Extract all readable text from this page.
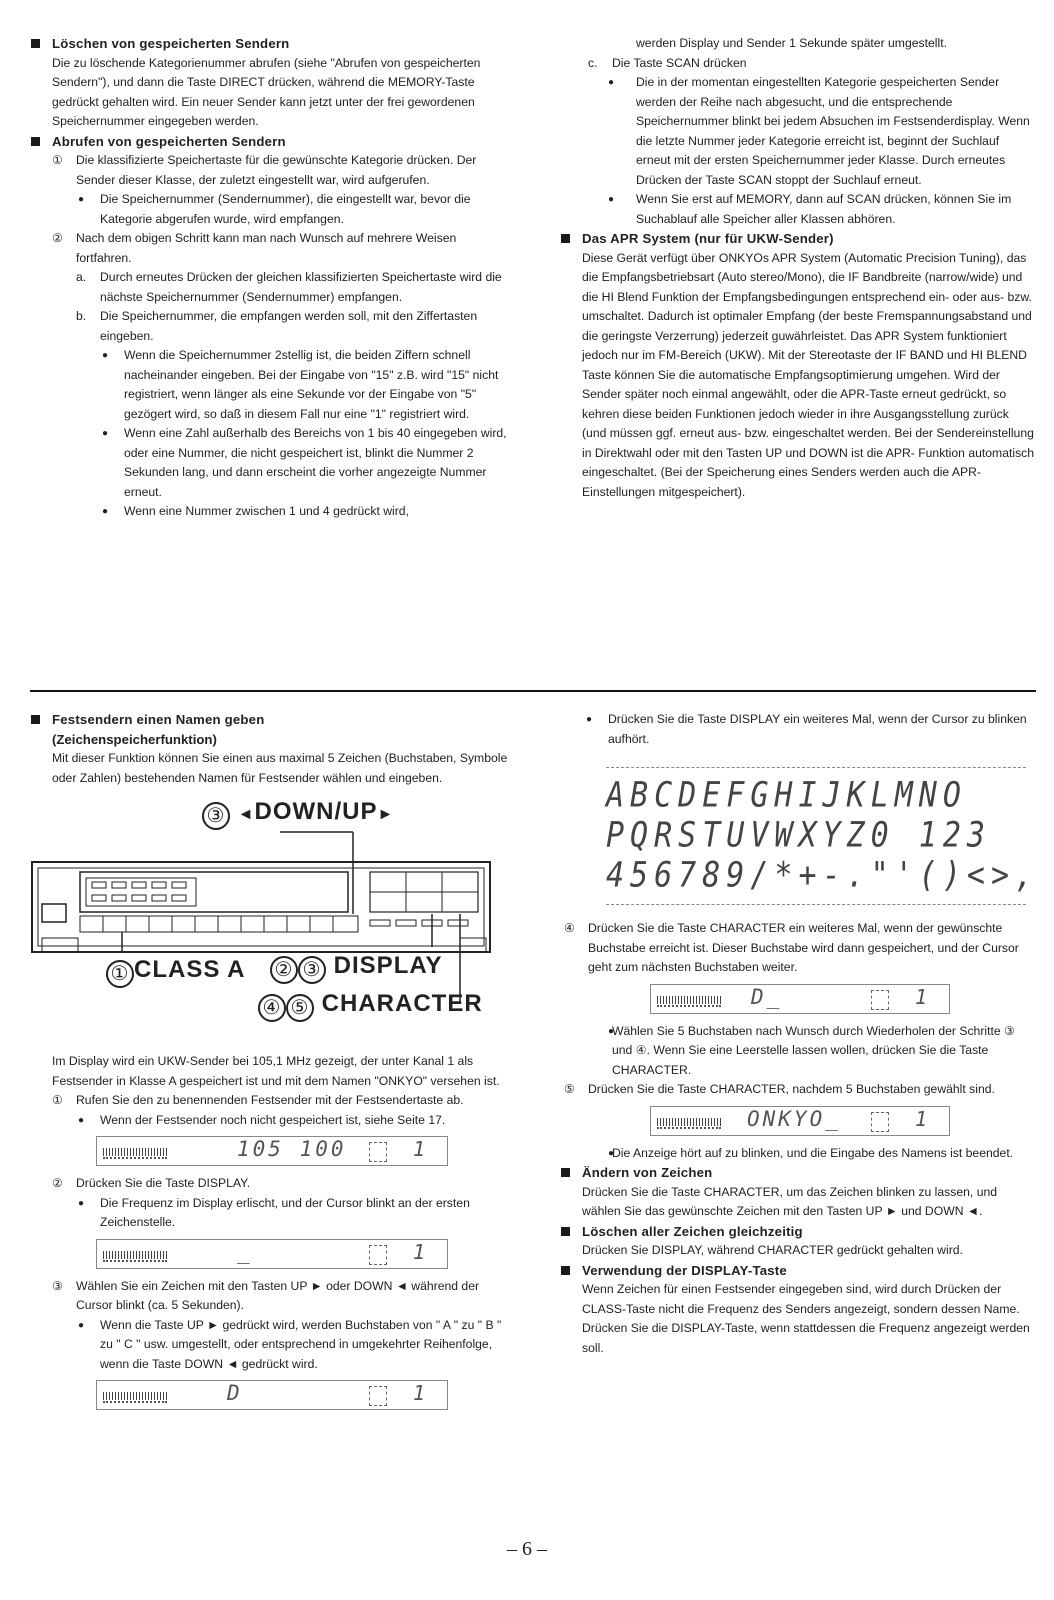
Löschen von gespeicherten Sendern

Die zu löschende Kategorienummer abrufen (siehe "Abrufen von gespeicherten Sendern"), und dann die Taste DIRECT drücken, während die MEMORY-Taste gedrückt gehalten wird. Ein neuer Sender kann jetzt unter der frei gewordenen Speichernummer eingegeben werden.

Abrufen von gespeicherten Sendern
① Die klassifizierte Speichertaste für die gewünschte Kategorie drücken. Der Sender dieser Klasse, der zuletzt eingestellt war, wird aufgerufen.
● Die Speichernummer (Sendernummer), die eingestellt war, bevor die Kategorie abgerufen wurde, wird empfangen.
② Nach dem obigen Schritt kann man nach Wunsch auf mehrere Weisen fortfahren.
a. Durch erneutes Drücken der gleichen klassifizierten Speichertaste wird die nächste Speichernummer (Sendernummer) empfangen.
b. Die Speichernummer, die empfangen werden soll, mit den Ziffertasten eingeben.
● Wenn die Speichernummer 2stellig ist, die beiden Ziffern schnell nacheinander eingeben. Bei der Eingabe von "15" z.B. wird "15" nicht registriert, wenn länger als eine Sekunde vor der Eingabe von "5" gezögert wird, so daß in diesem Fall nur eine "1" registriert wird.
● Wenn eine Zahl außerhalb des Bereichs von 1 bis 40 eingegeben wird, oder eine Nummer, die nicht gespeichert ist, blinkt die Nummer 2 Sekunden lang, und dann erscheint die vorher angezeigte Nummer erneut.
● Wenn eine Nummer zwischen 1 und 4 gedrückt wird,

werden Display und Sender 1 Sekunde später umgestellt.

c. Die Taste SCAN drücken
● Die in der momentan eingestellten Kategorie gespeicherten Sender werden der Reihe nach abgesucht, und die entsprechende Speichernummer blinkt bei jedem Absuchen im Festsenderdisplay. Wenn die letzte Nummer jeder Kategorie erreicht ist, beginnt der Suchlauf erneut mit der ersten Speichernummer jeder Klasse. Durch erneutes Drücken der Taste SCAN stoppt der Suchlauf erneut.
● Wenn Sie erst auf MEMORY, dann auf SCAN drücken, können Sie im Suchablauf alle Speicher aller Klassen abhören.
Das APR System (nur für UKW-Sender)

Diese Gerät verfügt über ONKYOs APR System (Automatic Precision Tuning), das die Empfangsbetriebsart (Auto stereo/Mono), die IF Bandbreite (narrow/wide) und die HI Blend Funktion der Empfangsbedingungen entsprechend ein- oder aus- bzw. umschaltet. Dadurch ist optimaler Empfang (der beste Fremspannungsabstand und die geringste Verzerrung) jederzeit guwährleistet. Das APR System funktioniert jedoch nur im FM-Bereich (UKW). Mit der Stereotaste der IF BAND und HI BLEND Taste können Sie die automatische Empfangsoptimierung umgehen. Wird der Sender später noch einmal angewählt, oder die APR-Taste erneut gedrückt, so kehren diese beiden Funktionen jedoch wieder in ihre Ausgangsstellung zurück (und müssen ggf. erneut aus- bzw. eingeschaltet werden. Bei der Sendereinstellung in Direktwahl oder mit den Tasten UP und DOWN ist die APR- Funktion automatisch eingeschaltet. (Bei der Speicherung eines Senders werden auch die APR-Einstellungen mitgespeichert).

Festsendern einen Namen geben
(Zeichenspeicherfunktion)

Mit dieser Funktion können Sie einen aus maximal 5 Zeichen (Buchstaben, Symbole oder Zahlen) bestehenden Namen für Festsender wählen und eingeben.

③ ◄DOWN/UP►
① CLASS A ② ③ DISPLAY
④ ⑤ CHARACTER

Im Display wird ein UKW-Sender bei 105,1 MHz gezeigt, der unter Kanal 1 als Festsender in Klasse A gespeichert ist und mit dem Namen "ONKYO" versehen ist.

① Rufen Sie den zu benennenden Festsender mit der Festsendertaste ab.
● Wenn der Festsender noch nicht gespeichert ist, siehe Seite 17.
105 100	1
② Drücken Sie die Taste DISPLAY.
● Die Frequenz im Display erlischt, und der Cursor blinkt an der ersten Zeichenstelle.
_	1
③ Wählen Sie ein Zeichen mit den Tasten UP ► oder DOWN ◄ während der Cursor blinkt (ca. 5 Sekunden).
● Wenn die Taste UP ► gedrückt wird, werden Buchstaben von " A " zu " B " zu " C " usw. umgestellt, oder entsprechend in umgekehrter Reihenfolge, wenn die Taste DOWN ◄ gedrückt wird.
D	1
● Drücken Sie die Taste DISPLAY ein weiteres Mal, wenn der Cursor zu blinken aufhört.
ABCDEFGHIJKLMNO
PQRSTUVWXYZ0 123
456789/*+-."'()<>,
④ Drücken Sie die Taste CHARACTER ein weiteres Mal, wenn der gewünschte Buchstabe erreicht ist. Dieser Buchstabe wird dann gespeichert, und der Cursor geht zum nächsten Buchstaben weiter.
D_	1
● Wählen Sie 5 Buchstaben nach Wunsch durch Wiederholen der Schritte ③ und ④. Wenn Sie eine Leerstelle lassen wollen, drücken Sie die Taste CHARACTER.
⑤ Drücken Sie die Taste CHARACTER, nachdem 5 Buchstaben gewählt sind.
ONKYO_	1
● Die Anzeige hört auf zu blinken, und die Eingabe des Namens ist beendet.
Ändern von Zeichen

Drücken Sie die Taste CHARACTER, um das Zeichen blinken zu lassen, und wählen Sie das gewünschte Zeichen mit den Tasten UP ► und DOWN ◄.

Löschen aller Zeichen gleichzeitig

Drücken Sie DISPLAY, während CHARACTER gedrückt gehalten wird.

Verwendung der DISPLAY-Taste

Wenn Zeichen für einen Festsender eingegeben sind, wird durch Drücken der CLASS-Taste nicht die Frequenz des Senders angezeigt, sondern dessen Name.

Drücken Sie die DISPLAY-Taste, wenn stattdessen die Frequenz angezeigt werden soll.

– 6 –
